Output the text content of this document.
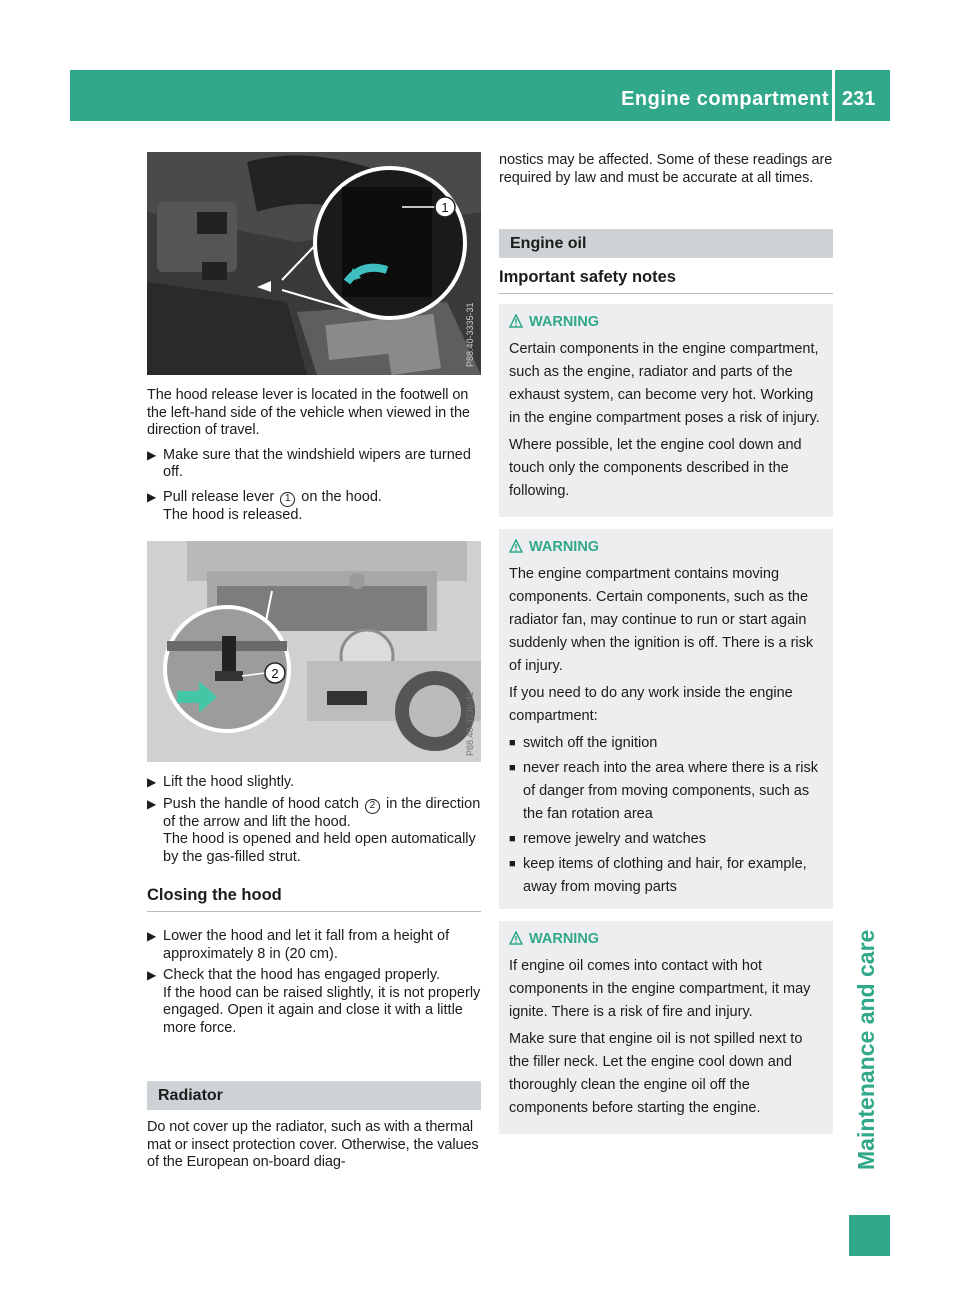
Engine compartment 231
Maintenance and care
1
P88.40-3335-31

The hood release lever is located in the footwell on the left-hand side of the vehicle when viewed in the direction of travel.

▶ Make sure that the windshield wipers are turned off.
▶ Pull release lever 1 on the hood.
The hood is released.
2
P88.40-3336-31
▶ Lift the hood slightly.
▶ Push the handle of hood catch 2 in the direction of the arrow and lift the hood.
The hood is opened and held open automatically by the gas-filled strut.
Closing the hood
▶ Lower the hood and let it fall from a height of approximately 8 in (20 cm).
▶ Check that the hood has engaged properly.
If the hood can be raised slightly, it is not properly engaged. Open it again and close it with a little more force.
Radiator

Do not cover up the radiator, such as with a thermal mat or insect protection cover. Otherwise, the values of the European on-board diag-

nostics may be affected. Some of these readings are required by law and must be accurate at all times.

Engine oil
Important safety notes
WARNING

Certain components in the engine compartment, such as the engine, radiator and parts of the exhaust system, can become very hot. Working in the engine compartment poses a risk of injury.

Where possible, let the engine cool down and touch only the components described in the following.

WARNING

The engine compartment contains moving components. Certain components, such as the radiator fan, may continue to run or start again suddenly when the ignition is off. There is a risk of injury.

If you need to do any work inside the engine compartment:

■ switch off the ignition
■ never reach into the area where there is a risk of danger from moving components, such as the fan rotation area
■ remove jewelry and watches
■ keep items of clothing and hair, for example, away from moving parts
WARNING

If engine oil comes into contact with hot components in the engine compartment, it may ignite. There is a risk of fire and injury.

Make sure that engine oil is not spilled next to the filler neck. Let the engine cool down and thoroughly clean the engine oil off the components before starting the engine.
